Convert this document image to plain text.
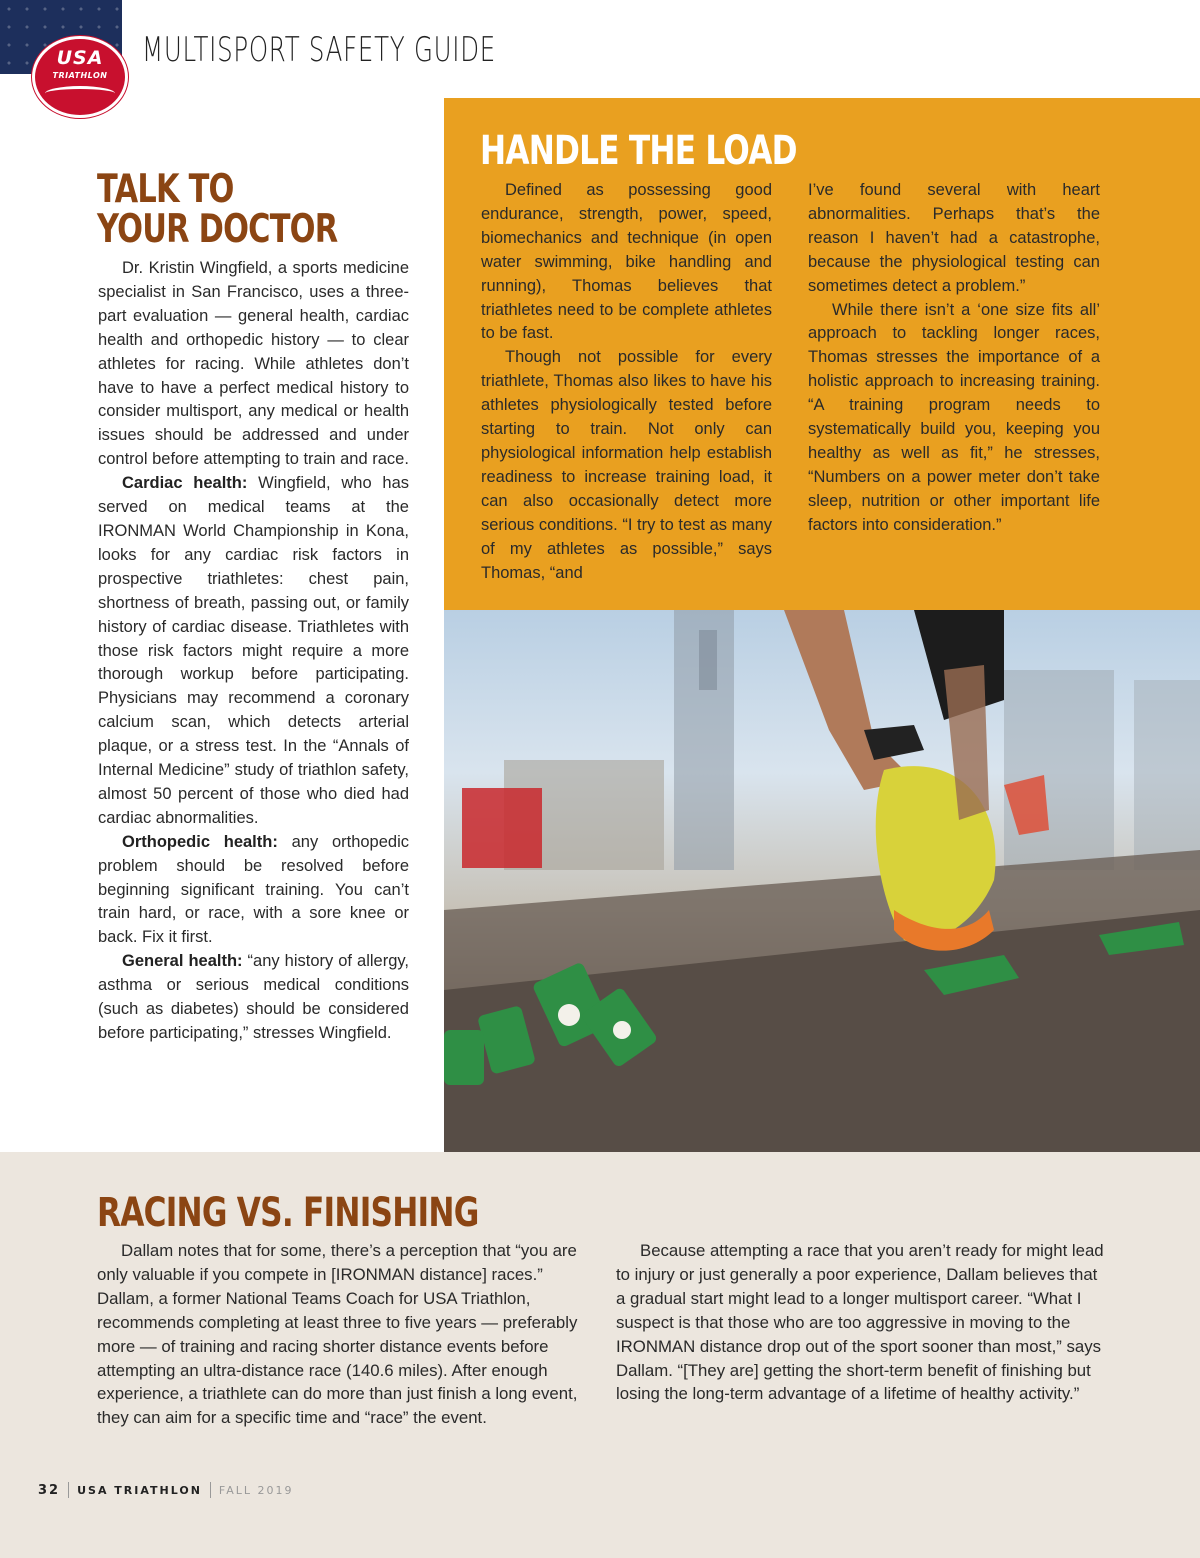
USA
TRIATHLON
MULTISPORT SAFETY GUIDE
HANDLE THE LOAD

Defined as possessing good endurance, strength, power, speed, biomechanics and technique (in open water swimming, bike handling and running), Thomas believes that triathletes need to be complete athletes to be fast.

Though not possible for every triathlete, Thomas also likes to have his athletes physiologically tested before starting to train. Not only can physiological information help establish readiness to increase training load, it can also occasionally detect more serious conditions. “I try to test as many of my athletes as possible,” says Thomas, “and

I’ve found several with heart abnormalities. Perhaps that’s the reason I haven’t had a catastrophe, because the physiological testing can sometimes detect a problem.”

While there isn’t a ‘one size fits all’ approach to tackling longer races, Thomas stresses the importance of a holistic approach to increasing training. “A training program needs to systematically build you, keeping you healthy as well as fit,” he stresses, “Numbers on a power meter don’t take sleep, nutrition or other important life factors into consideration.”

TALK TO
YOUR DOCTOR

Dr. Kristin Wingfield, a sports medicine specialist in San Francisco, uses a three-part evaluation — general health, cardiac health and orthopedic history — to clear athletes for racing. While athletes don’t have to have a perfect medical history to consider multisport, any medical or health issues should be addressed and under control before attempting to train and race.

Cardiac health: Wingfield, who has served on medical teams at the IRONMAN World Championship in Kona, looks for any cardiac risk factors in prospective triathletes: chest pain, shortness of breath, passing out, or family history of cardiac disease. Triathletes with those risk factors might require a more thorough workup before participating. Physicians may recommend a coronary calcium scan, which detects arterial plaque, or a stress test. In the “Annals of Internal Medicine” study of triathlon safety, almost 50 percent of those who died had cardiac abnormalities.

Orthopedic health: any orthopedic problem should be resolved before beginning significant training. You can’t train hard, or race, with a sore knee or back. Fix it first.

General health: “any history of allergy, asthma or serious medical conditions (such as diabetes) should be considered before participating,” stresses Wingfield.

RACING VS. FINISHING

Dallam notes that for some, there’s a perception that “you are only valuable if you compete in [IRONMAN distance] races.” Dallam, a former National Teams Coach for USA Triathlon, recommends completing at least three to five years — preferably more — of training and racing shorter distance events before attempting an ultra-distance race (140.6 miles). After enough experience, a triathlete can do more than just finish a long event, they can aim for a specific time and “race” the event.

Because attempting a race that you aren’t ready for might lead to injury or just generally a poor experience, Dallam believes that a gradual start might lead to a longer multisport career. “What I suspect is that those who are too aggressive in moving to the IRONMAN distance drop out of the sport sooner than most,” says Dallam. “[They are] getting the short-term benefit of finishing but losing the long-term advantage of a lifetime of healthy activity.”

32 USA TRIATHLON FALL 2019
